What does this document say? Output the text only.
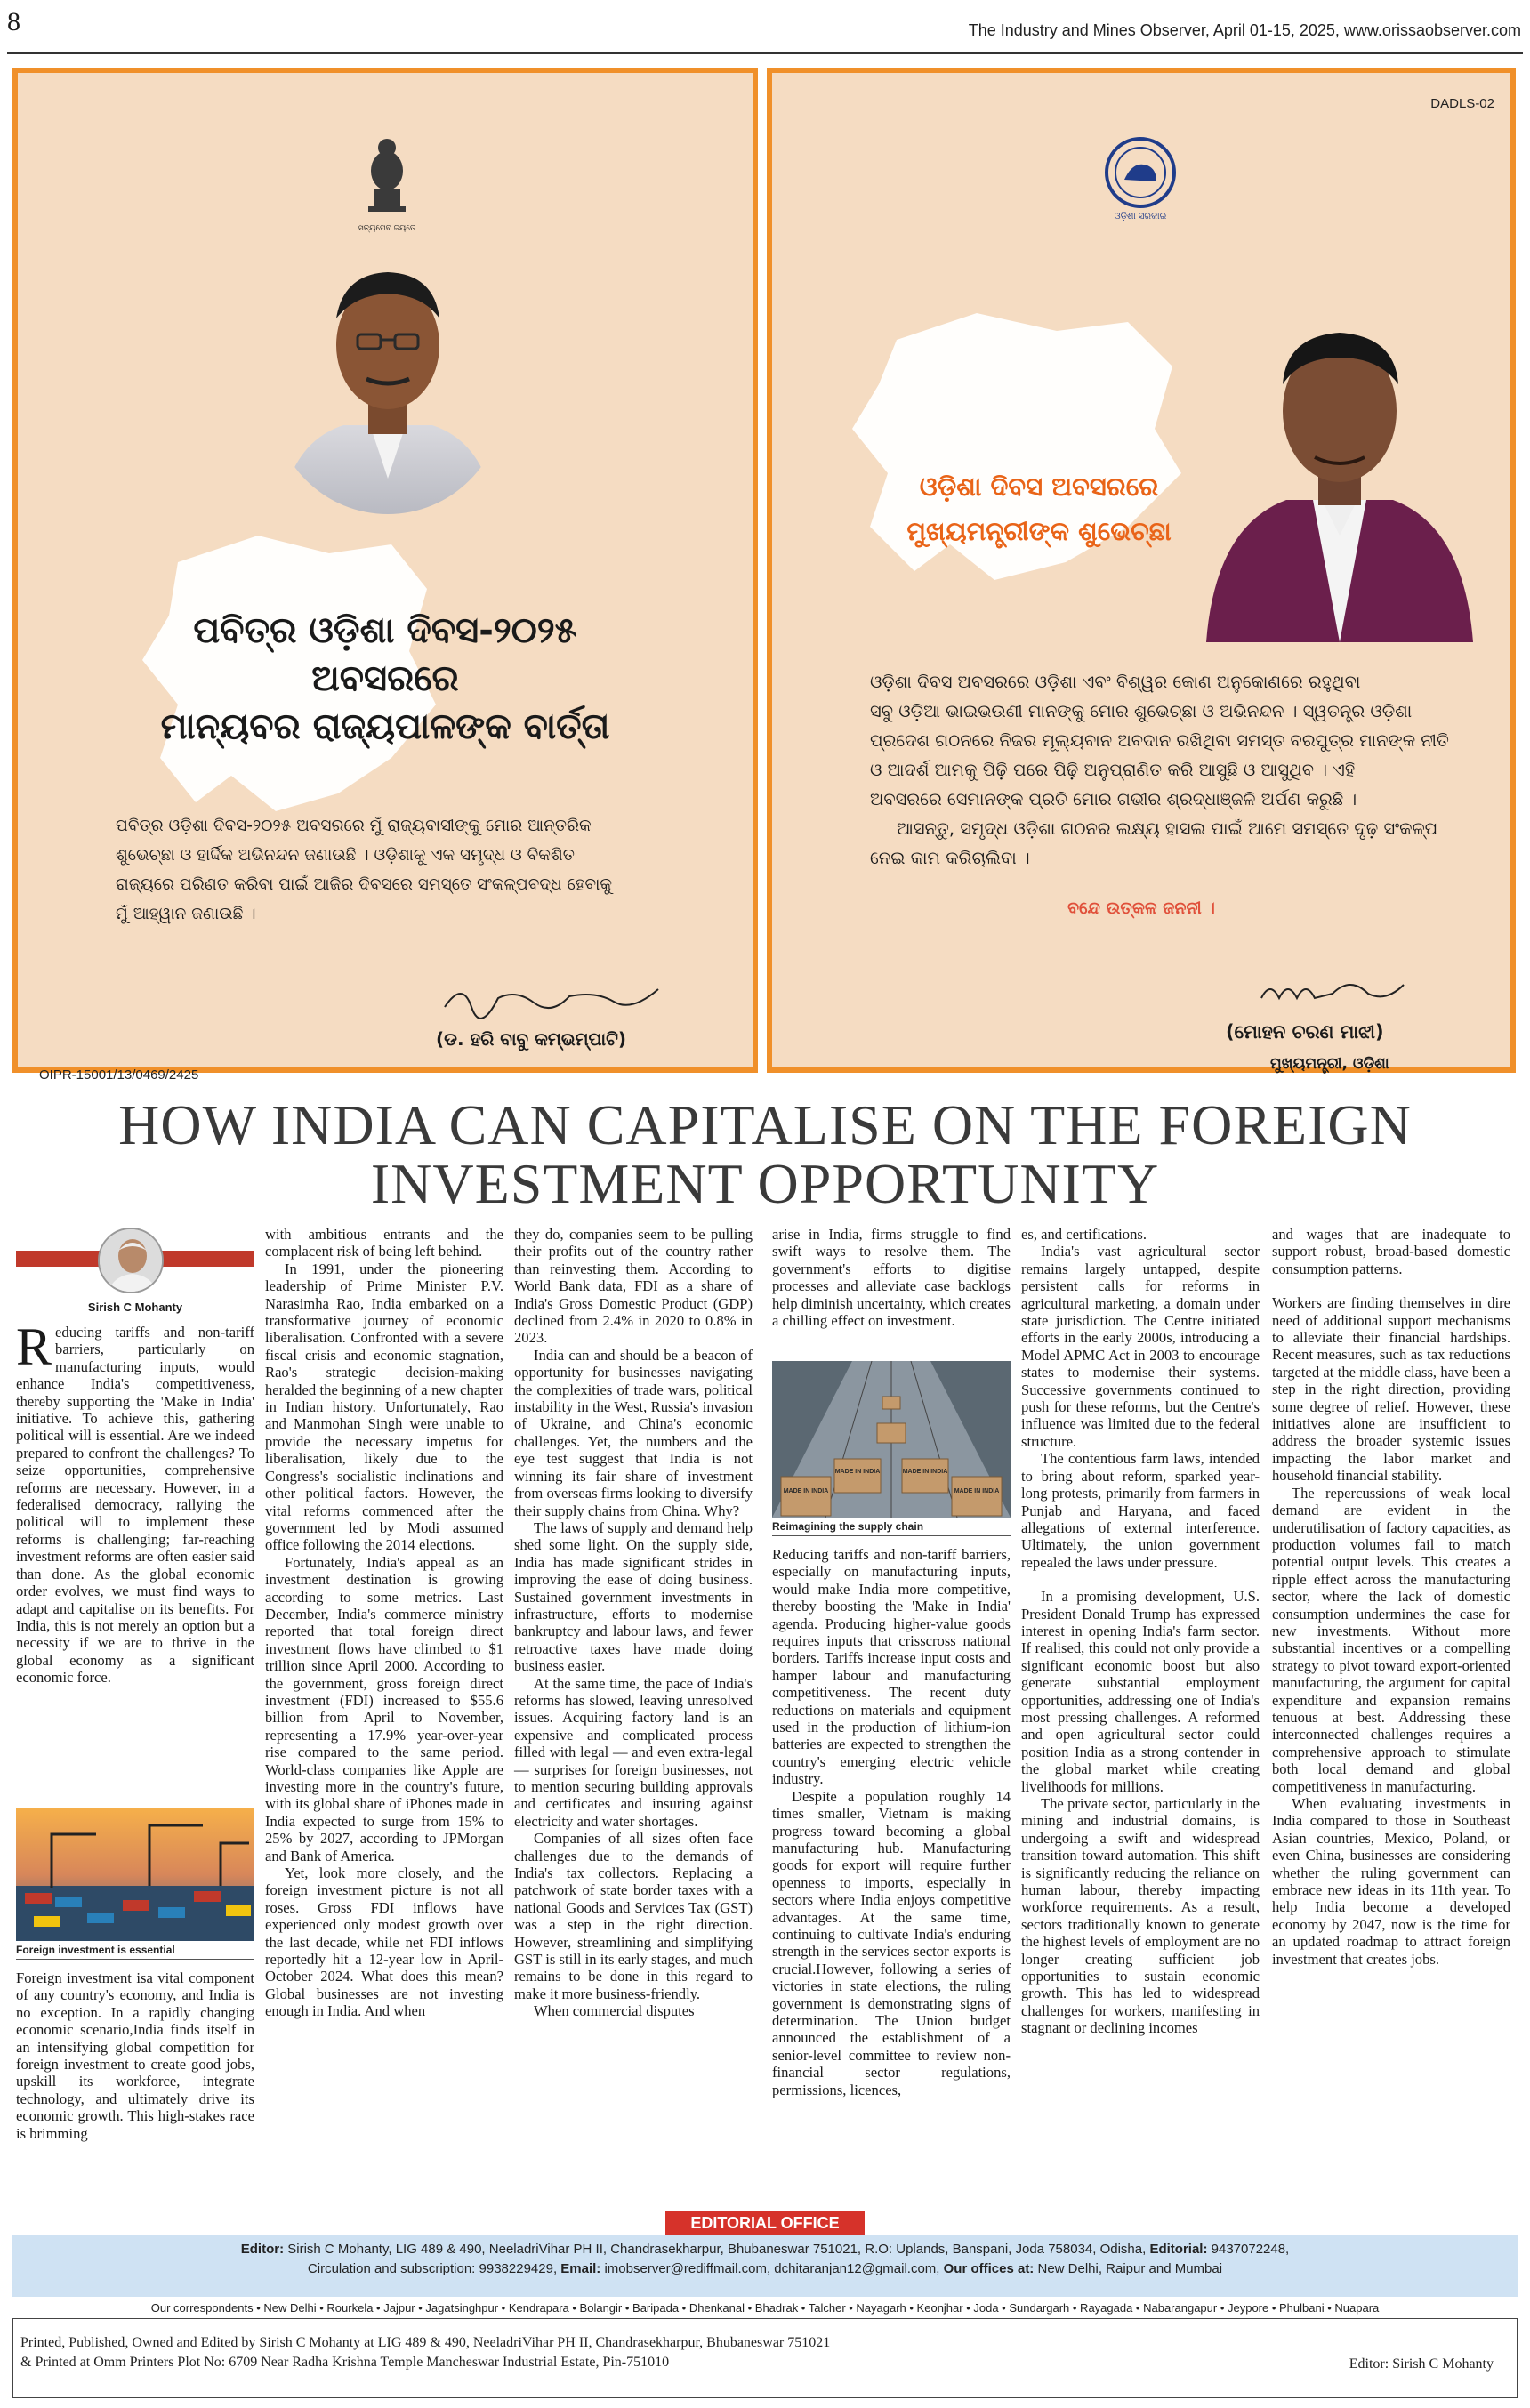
8	The Industry and Mines Observer, April 01-15, 2025, www.orissaobserver.com
ସତ୍ୟମେବ ଜୟତେ
ପବିତ୍ର ଓଡ଼ିଶା ଦିବସ-୨୦୨୫
ଅବସରରେ
ମାନ୍ୟବର ରାଜ୍ୟପାଳଙ୍କ ବାର୍ତ୍ତା
ପବିତ୍ର ଓଡ଼ିଶା ଦିବସ-୨୦୨୫ ଅବସରରେ ମୁଁ ରାଜ୍ୟବାସୀଙ୍କୁ ମୋର ଆନ୍ତରିକ
ଶୁଭେଚ୍ଛା ଓ ହାର୍ଦ୍ଦିକ ଅଭିନନ୍ଦନ ଜଣାଉଛି । ଓଡ଼ିଶାକୁ ଏକ ସମୃଦ୍ଧ ଓ ବିକଶିତ
ରାଜ୍ୟରେ ପରିଣତ କରିବା ପାଇଁ ଆଜିର ଦିବସରେ ସମସ୍ତେ ସଂକଳ୍ପବଦ୍ଧ ହେବାକୁ
ମୁଁ ଆହ୍ୱାନ ଜଣାଉଛି ।
(ଡ. ହରି ବାବୁ କମ୍ଭମ୍ପାଟି)
OIPR-15001/13/0469/2425
DADLS-02
ଓଡ଼ିଶା ସରକାର
ଓଡ଼ିଶା ଦିବସ ଅବସରରେ
ମୁଖ୍ୟମନ୍ତ୍ରୀଙ୍କ ଶୁଭେଚ୍ଛା
ଓଡ଼ିଶା ଦିବସ ଅବସରରେ ଓଡ଼ିଶା ଏବଂ ବିଶ୍ୱର କୋଣ ଅନୁକୋଣରେ ରହୁଥିବା
ସବୁ ଓଡ଼ିଆ ଭାଇଭଉଣୀ ମାନଙ୍କୁ ମୋର ଶୁଭେଚ୍ଛା ଓ ଅଭିନନ୍ଦନ । ସ୍ୱତନ୍ତ୍ର ଓଡ଼ିଶା
ପ୍ରଦେଶ ଗଠନରେ ନିଜର ମୂଲ୍ୟବାନ ଅବଦାନ ରଖିଥିବା ସମସ୍ତ ବରପୁତ୍ର ମାନଙ୍କ ନୀତି
ଓ ଆଦର୍ଶ ଆମକୁ ପିଢ଼ି ପରେ ପିଢ଼ି ଅନୁପ୍ରାଣିତ କରି ଆସୁଛି ଓ ଆସୁଥିବ । ଏହି
ଅବସରରେ ସେମାନଙ୍କ ପ୍ରତି ମୋର ଗଭୀର ଶ୍ରଦ୍ଧାଞ୍ଜଳି ଅର୍ପଣ କରୁଛି ।
ଆସନ୍ତୁ, ସମୃଦ୍ଧ ଓଡ଼ିଶା ଗଠନର ଲକ୍ଷ୍ୟ ହାସଲ ପାଇଁ ଆମେ ସମସ୍ତେ ଦୃଢ଼ ସଂକଳ୍ପ
ନେଇ କାମ କରିଚାଲିବା ।
ବନ୍ଦେ ଉତ୍କଳ ଜନନୀ ।
(ମୋହନ ଚରଣ ମାଝୀ)
ମୁଖ୍ୟମନ୍ତ୍ରୀ, ଓଡ଼ିଶା
HOW INDIA CAN CAPITALISE ON THE FOREIGN
INVESTMENT OPPORTUNITY
Sirish C Mohanty

Reducing tariffs and non-tariff barriers, particularly on manufacturing inputs, would enhance India's competitiveness, thereby supporting the 'Make in India' initiative. To achieve this, gathering political will is essential. Are we indeed prepared to confront the challenges? To seize opportunities, comprehensive reforms are necessary. However, in a federalised democracy, rallying the political will to implement these reforms is challenging; far-reaching investment reforms are often easier said than done. As the global economic order evolves, we must find ways to adapt and capitalise on its benefits. For India, this is not merely an option but a necessity if we are to thrive in the global economy as a significant economic force.

Foreign investment is essential

Foreign investment isa vital component of any country's economy, and India is no exception. In a rapidly changing economic scenario,India finds itself in an intensifying global competition for foreign investment to create good jobs, upskill its workforce, integrate technology, and ultimately drive its economic growth. This high-stakes race is brimming

with ambitious entrants and the complacent risk of being left behind.

In 1991, under the pioneering leadership of Prime Minister P.V. Narasimha Rao, India embarked on a transformative journey of economic liberalisation. Confronted with a severe fiscal crisis and economic stagnation, Rao's strategic decision-making heralded the beginning of a new chapter in Indian history. Unfortunately, Rao and Manmohan Singh were unable to provide the necessary impetus for liberalisation, likely due to the Congress's socialistic inclinations and other political factors. However, the vital reforms commenced after the government led by Modi assumed office following the 2014 elections.

Fortunately, India's appeal as an investment destination is growing according to some metrics. Last December, India's commerce ministry reported that total foreign direct investment flows have climbed to $1 trillion since April 2000. According to the government, gross foreign direct investment (FDI) increased to $55.6 billion from April to November, representing a 17.9% year-over-year rise compared to the same period. World-class companies like Apple are investing more in the country's future, with its global share of iPhones made in India expected to surge from 15% to 25% by 2027, according to JPMorgan and Bank of America.

Yet, look more closely, and the foreign investment picture is not all roses. Gross FDI inflows have experienced only modest growth over the last decade, while net FDI inflows reportedly hit a 12-year low in April-October 2024. What does this mean? Global businesses are not investing enough in India. And when

they do, companies seem to be pulling their profits out of the country rather than reinvesting them. According to World Bank data, FDI as a share of India's Gross Domestic Product (GDP) declined from 2.4% in 2020 to 0.8% in 2023.

India can and should be a beacon of opportunity for businesses navigating the complexities of trade wars, political instability in the West, Russia's invasion of Ukraine, and China's economic challenges. Yet, the numbers and the eye test suggest that India is not winning its fair share of investment from overseas firms looking to diversify their supply chains from China. Why?

The laws of supply and demand help shed some light. On the supply side, India has made significant strides in improving the ease of doing business. Sustained government investments in infrastructure, efforts to modernise bankruptcy and labour laws, and fewer retroactive taxes have made doing business easier.

At the same time, the pace of India's reforms has slowed, leaving unresolved issues. Acquiring factory land is an expensive and complicated process filled with legal — and even extra-legal — surprises for foreign businesses, not to mention securing building approvals and certificates and insuring against electricity and water shortages.

Companies of all sizes often face challenges due to the demands of India's tax collectors. Replacing a patchwork of state border taxes with a national Goods and Services Tax (GST) was a step in the right direction. However, streamlining and simplifying GST is still in its early stages, and much remains to be done in this regard to make it more business-friendly.

When commercial disputes

arise in India, firms struggle to find swift ways to resolve them. The government's efforts to digitise processes and alleviate case backlogs help diminish uncertainty, which creates a chilling effect on investment.

MADE IN INDIA	MADE IN INDIA
MADE IN INDIA	MADE IN INDIA
Reimagining the supply chain

Reducing tariffs and non-tariff barriers, especially on manufacturing inputs, would make India more competitive, thereby boosting the 'Make in India' agenda. Producing higher-value goods requires inputs that crisscross national borders. Tariffs increase input costs and hamper labour and manufacturing competitiveness. The recent duty reductions on materials and equipment used in the production of lithium-ion batteries are expected to strengthen the country's emerging electric vehicle industry.

Despite a population roughly 14 times smaller, Vietnam is making progress toward becoming a global manufacturing hub. Manufacturing goods for export will require further openness to imports, especially in sectors where India enjoys competitive advantages. At the same time, continuing to cultivate India's enduring strength in the services sector exports is crucial.However, following a series of victories in state elections, the ruling government is demonstrating signs of determination. The Union budget announced the establishment of a senior-level committee to review non-financial sector regulations, permissions, licences,

es, and certifications.

India's vast agricultural sector remains largely untapped, despite persistent calls for reforms in agricultural marketing, a domain under state jurisdiction. The Centre initiated efforts in the early 2000s, introducing a Model APMC Act in 2003 to encourage states to modernise their systems. Successive governments continued to push for these reforms, but the Centre's influence was limited due to the federal structure.

The contentious farm laws, intended to bring about reform, sparked year-long protests, primarily from farmers in Punjab and Haryana, and faced allegations of external interference. Ultimately, the union government repealed the laws under pressure.

In a promising development, U.S. President Donald Trump has expressed interest in opening India's farm sector. If realised, this could not only provide a significant economic boost but also generate substantial employment opportunities, addressing one of India's most pressing challenges. A reformed and open agricultural sector could position India as a strong contender in the global market while creating livelihoods for millions.

The private sector, particularly in the mining and industrial domains, is undergoing a swift and widespread transition toward automation. This shift is significantly reducing the reliance on human labour, thereby impacting workforce requirements. As a result, sectors traditionally known to generate the highest levels of employment are no longer creating sufficient job opportunities to sustain economic growth. This has led to widespread challenges for workers, manifesting in stagnant or declining incomes

and wages that are inadequate to support robust, broad-based domestic consumption patterns.

Workers are finding themselves in dire need of additional support mechanisms to alleviate their financial hardships. Recent measures, such as tax reductions targeted at the middle class, have been a step in the right direction, providing some degree of relief. However, these initiatives alone are insufficient to address the broader systemic issues impacting the labor market and household financial stability.

The repercussions of weak local demand are evident in the underutilisation of factory capacities, as production volumes fail to match potential output levels. This creates a ripple effect across the manufacturing sector, where the lack of domestic consumption undermines the case for new investments. Without more substantial incentives or a compelling strategy to pivot toward export-oriented manufacturing, the argument for capital expenditure and expansion remains tenuous at best. Addressing these interconnected challenges requires a comprehensive approach to stimulate both local demand and global competitiveness in manufacturing.

When evaluating investments in India compared to those in Southeast Asian countries, Mexico, Poland, or even China, businesses are considering whether the ruling government can embrace new ideas in its 11th year. To help India become a developed economy by 2047, now is the time for an updated roadmap to attract foreign investment that creates jobs.

EDITORIAL OFFICE
Editor: Sirish C Mohanty, LIG 489 & 490, NeeladriVihar PH II, Chandrasekharpur, Bhubaneswar 751021, R.O: Uplands, Banspani, Joda 758034, Odisha, Editorial: 9437072248,
Circulation and subscription: 9938229429, Email: imobserver@rediffmail.com, dchitaranjan12@gmail.com, Our offices at: New Delhi, Raipur and Mumbai
Our correspondents • New Delhi • Rourkela • Jajpur • Jagatsinghpur • Kendrapara • Bolangir • Baripada • Dhenkanal • Bhadrak • Talcher • Nayagarh • Keonjhar • Joda • Sundargarh • Rayagada • Nabarangapur • Jeypore • Phulbani • Nuapara
Printed, Published, Owned and Edited by Sirish C Mohanty at LIG 489 & 490, NeeladriVihar PH II, Chandrasekharpur, Bhubaneswar 751021
& Printed at Omm Printers Plot No: 6709 Near Radha Krishna Temple Mancheswar Industrial Estate, Pin-751010	Editor: Sirish C Mohanty
